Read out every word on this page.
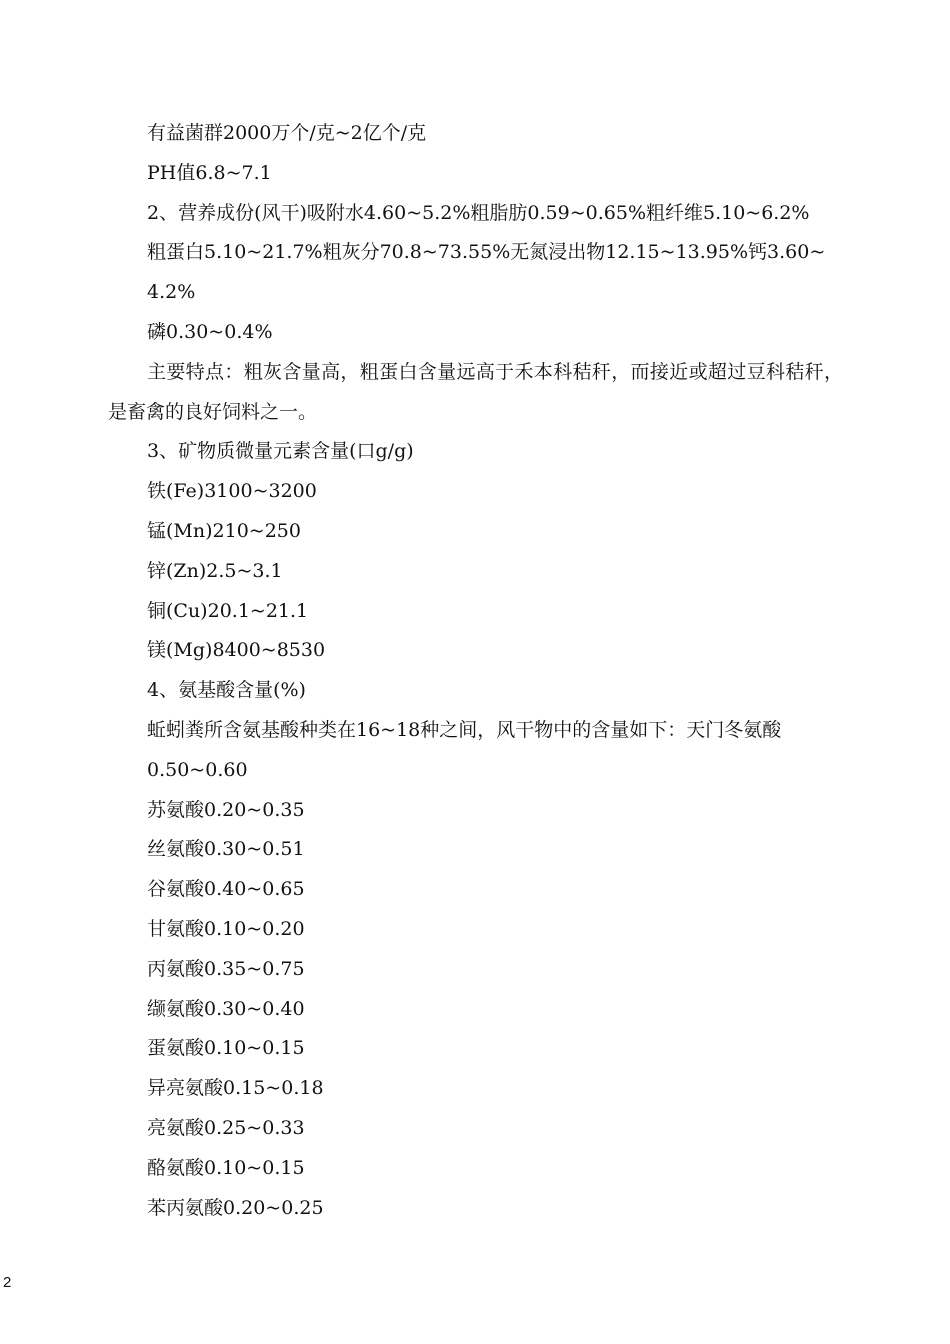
有益菌群2000万个/克~2亿个/克
PH值6.8~7.1
2、营养成份(风干)吸附水4.60~5.2%粗脂肪0.59~0.65%粗纤维5.10~6.2%
粗蛋白5.10~21.7%粗灰分70.8~73.55%无氮浸出物12.15~13.95%钙3.60~
4.2%
磷0.30~0.4%
主要特点：粗灰含量高，粗蛋白含量远高于禾本科秸秆，而接近或超过豆科秸秆，是畜禽的良好饲料之一。
3、矿物质微量元素含量(口g/g)
铁(Fe)3100~3200
锰(Mn)210~250
锌(Zn)2.5~3.1
铜(Cu)20.1~21.1
镁(Mg)8400~8530
4、氨基酸含量(%)
蚯蚓粪所含氨基酸种类在16~18种之间，风干物中的含量如下：天门冬氨酸
0.50~0.60
苏氨酸0.20~0.35
丝氨酸0.30~0.51
谷氨酸0.40~0.65
甘氨酸0.10~0.20
丙氨酸0.35~0.75
缬氨酸0.30~0.40
蛋氨酸0.10~0.15
异亮氨酸0.15~0.18
亮氨酸0.25~0.33
酪氨酸0.10~0.15
苯丙氨酸0.20~0.25
2
